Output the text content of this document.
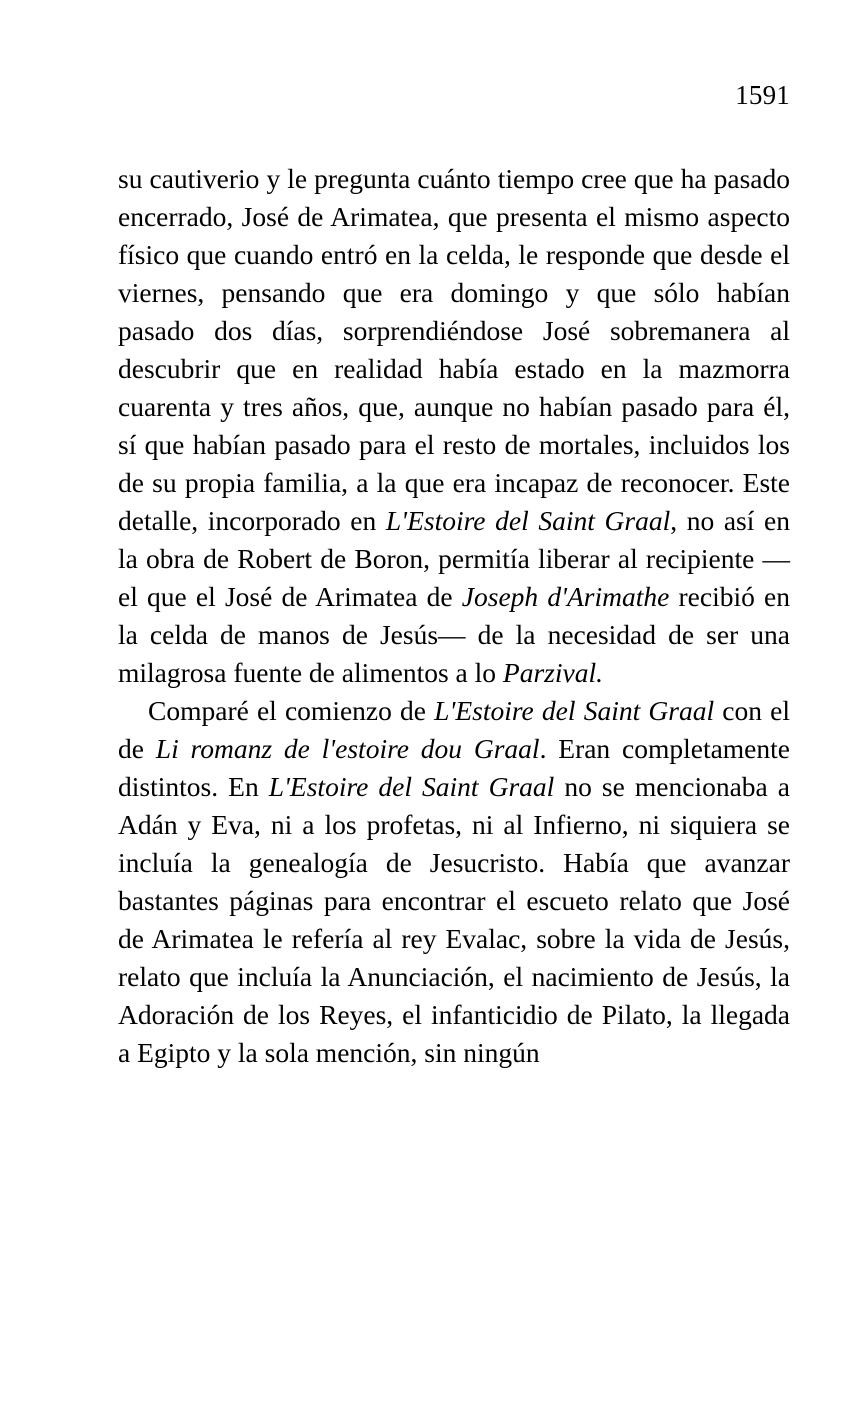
1591

su cautiverio y le pregunta cuánto tiempo cree que ha pasado encerrado, José de Arimatea, que presenta el mismo aspecto físico que cuando entró en la celda, le responde que desde el viernes, pensando que era domingo y que sólo habían pasado dos días, sorprendiéndose José sobremanera al descubrir que en realidad había estado en la mazmorra cuarenta y tres años, que, aunque no habían pasado para él, sí que habían pasado para el resto de mortales, incluidos los de su propia familia, a la que era incapaz de reconocer. Este detalle, incorporado en L'Estoire del Saint Graal, no así en la obra de Robert de Boron, permitía liberar al recipiente —el que el José de Arimatea de Joseph d'Arimathe recibió en la celda de manos de Jesús— de la necesidad de ser una milagrosa fuente de alimentos a lo Parzival.

Comparé el comienzo de L'Estoire del Saint Graal con el de Li romanz de l'estoire dou Graal. Eran completamente distintos. En L'Estoire del Saint Graal no se mencionaba a Adán y Eva, ni a los profetas, ni al Infierno, ni siquiera se incluía la genealogía de Jesucristo. Había que avanzar bastantes páginas para encontrar el escueto relato que José de Arimatea le refería al rey Evalac, sobre la vida de Jesús, relato que incluía la Anunciación, el nacimiento de Jesús, la Adoración de los Reyes, el infanticidio de Pilato, la llegada a Egipto y la sola mención, sin ningún
